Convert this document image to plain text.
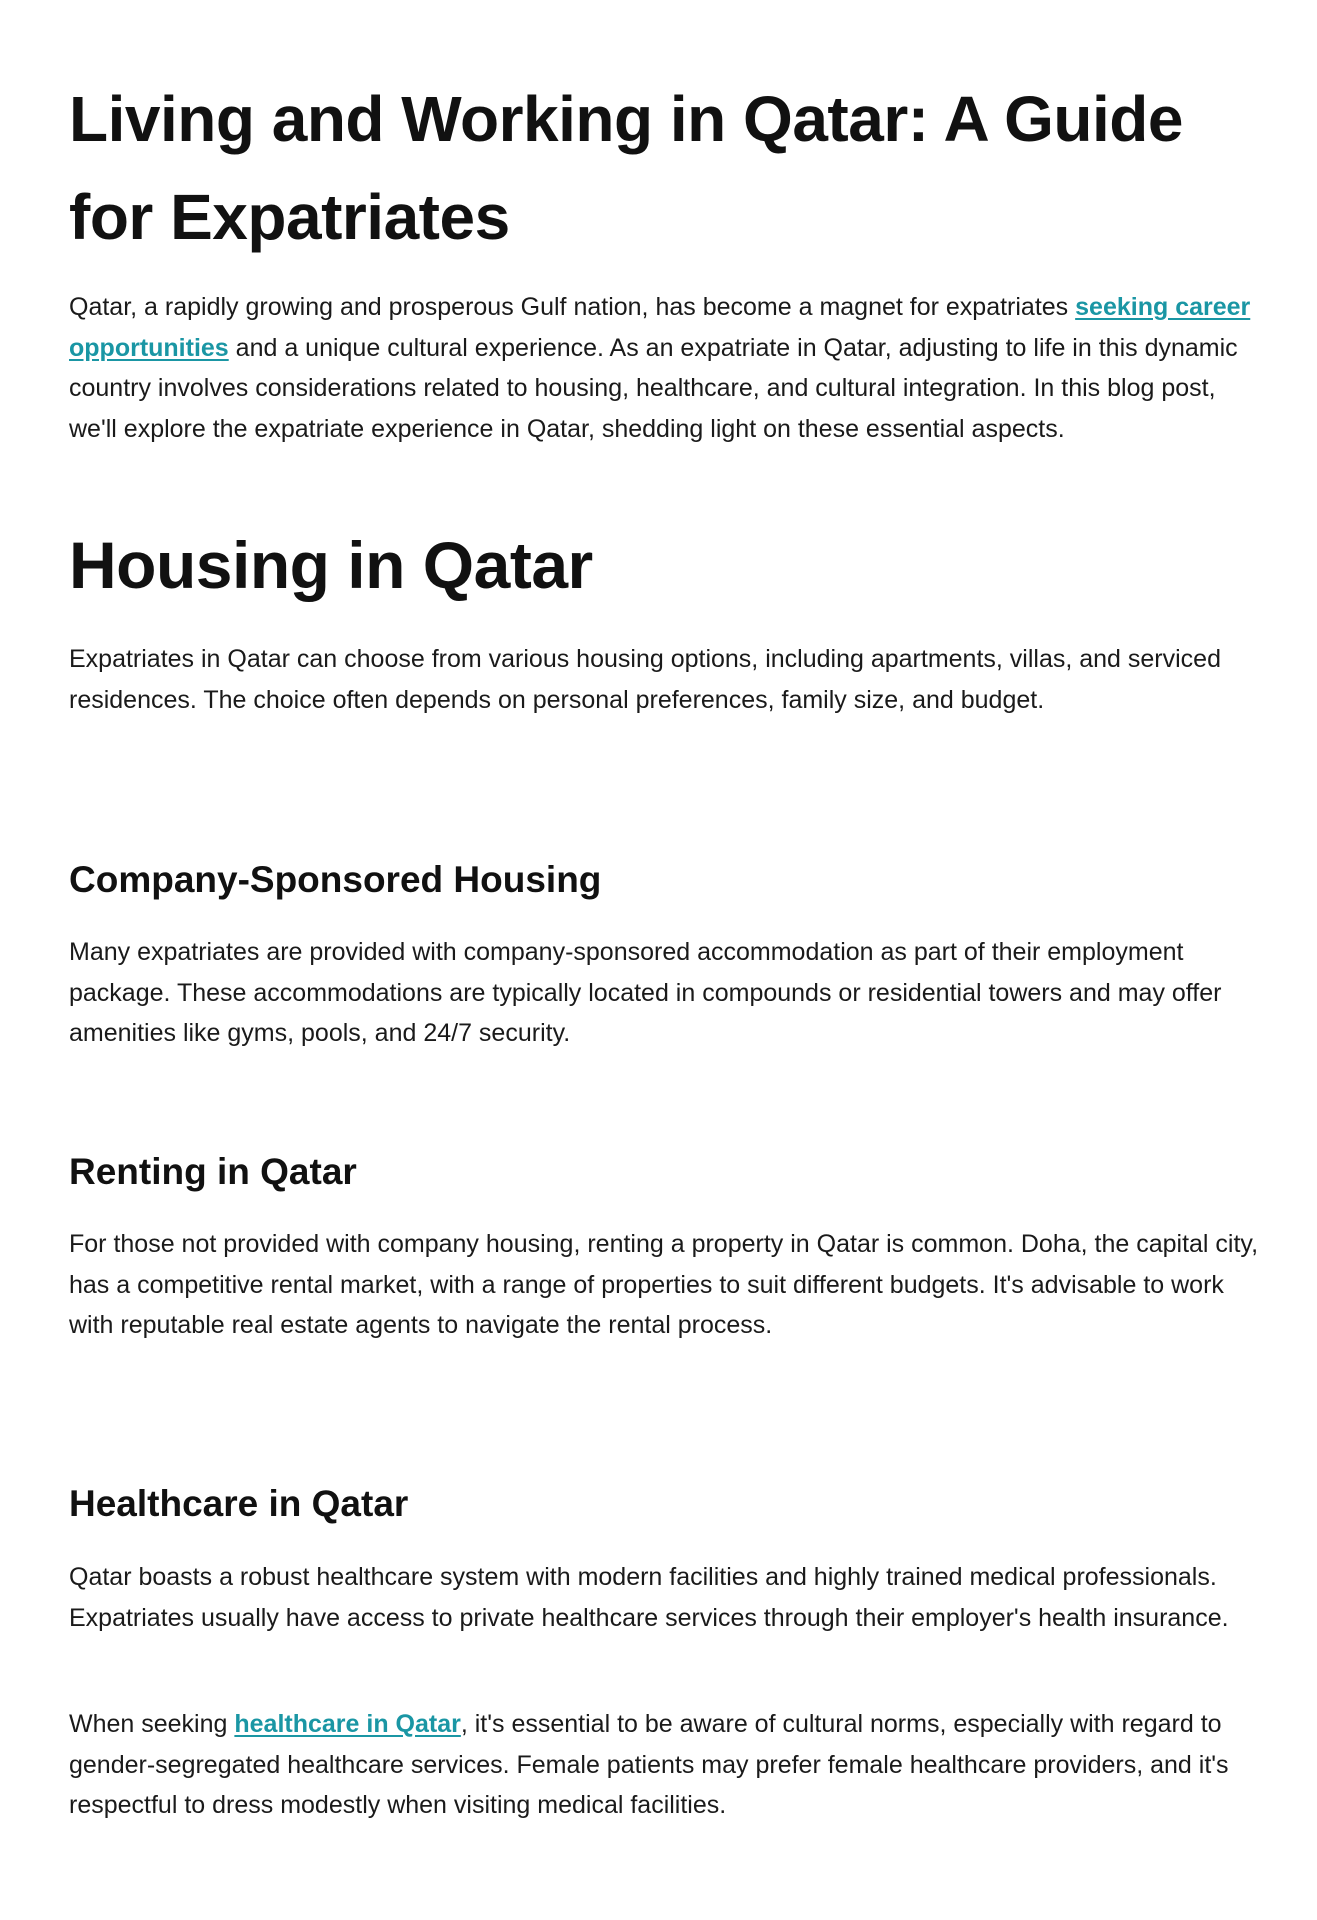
Living and Working in Qatar: A Guide for Expatriates

Qatar, a rapidly growing and prosperous Gulf nation, has become a magnet for expatriates seeking career opportunities and a unique cultural experience. As an expatriate in Qatar, adjusting to life in this dynamic country involves considerations related to housing, healthcare, and cultural integration. In this blog post, we'll explore the expatriate experience in Qatar, shedding light on these essential aspects.

Housing in Qatar

Expatriates in Qatar can choose from various housing options, including apartments, villas, and serviced residences. The choice often depends on personal preferences, family size, and budget.

Company-Sponsored Housing

Many expatriates are provided with company-sponsored accommodation as part of their employment package. These accommodations are typically located in compounds or residential towers and may offer amenities like gyms, pools, and 24/7 security.

Renting in Qatar

For those not provided with company housing, renting a property in Qatar is common. Doha, the capital city, has a competitive rental market, with a range of properties to suit different budgets. It's advisable to work with reputable real estate agents to navigate the rental process.

Healthcare in Qatar

Qatar boasts a robust healthcare system with modern facilities and highly trained medical professionals. Expatriates usually have access to private healthcare services through their employer's health insurance.

When seeking healthcare in Qatar, it's essential to be aware of cultural norms, especially with regard to gender-segregated healthcare services. Female patients may prefer female healthcare providers, and it's respectful to dress modestly when visiting medical facilities.
